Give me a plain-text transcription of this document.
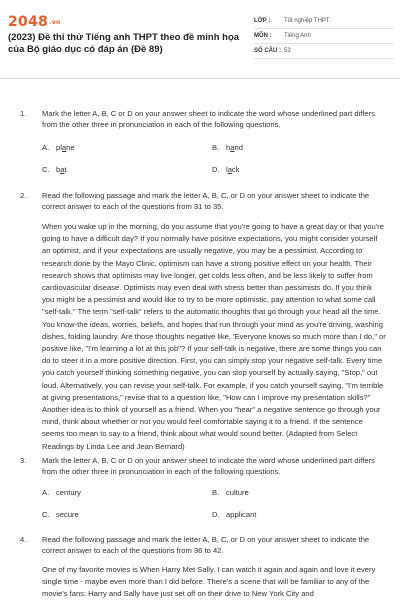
2048.vn
(2023) Đề thi thử Tiếng anh THPT theo đề minh họa của Bộ giáo dục có đáp án (Đề 89)
LỚP : Tốt nghiệp THPT
MÔN : Tiếng Anh
SỐ CÂU : 53
1. Mark the letter A, B, C or D on your answer sheet to indicate the word whose underlined part differs from the other three in pronunciation in each of the following questions.
A. plane	B. hand
C. bat	D. lack
2. Read the following passage and mark the letter A, B, C, or D on your answer sheet to indicate the correct answer to each of the questions from 31 to 35.
When you wake up in the morning, do you assume that you're going to have a great day or that you're going to have a difficult day? If you normally have positive expectations, you might consider yourself an optimist, and if your expectations are usually negative, you may be a pessimist. According to research done by the Mayo Clinic, optimism can have a strong positive effect on your health. Their research shows that optimists may live longer, get colds less often, and be less likely to suffer from cardiovascular disease. Optimists may even deal with stress better than pessimists do. If you think you might be a pessimist and would like to try to be more optimistic, pay attention to what some call "self-talk." The term "self-talk" refers to the automatic thoughts that go through your head all the time. You know-the ideas, worries, beliefs, and hopes that run through your mind as you're driving, washing dishes, folding laundry. Are those thoughts negative like, 'Everyone knows so much more than I do," or positive like, "I'm learning a lot at this job"? If your self-talk is negative, there are some things you can do to steer it in a more positive direction. First, you can simply stop your negative self-talk. Every time you catch yourself thinking something negative, you can stop yourself by actually saying, "Stop," out loud. Alternatively, you can revise your self-talk. For example, if you catch yourself saying, "I'm terrible at giving presentations," revise that to a question like, "How can I improve my presentation skills?" Another idea is to think of yourself as a friend. When you "hear" a negative sentence go through your mind, think about whether or not you would feel comfortable saying it to a friend. If the sentence seems too mean to say to a friend, think about what would sound better. (Adapted from Select Readings by Linda Lee and Jean Bernard)
3. Mark the letter A, B, C or D on your answer sheet to indicate the word whose underlined part differs from the other three in pronunciation in each of the following questions.
A. century	B. culture
C. secure	D. applicant
4. Read the following passage and mark the letter A, B, C, or D on your answer sheet to indicate the correct answer to each of the questions from 36 to 42.
One of my favorite movies is When Harry Met Sally. I can watch it again and again and love it every single time - maybe even more than I did before. There's a scene that will be familiar to any of the movie's fans: Harry and Sally have just set off on their drive to New York City and
